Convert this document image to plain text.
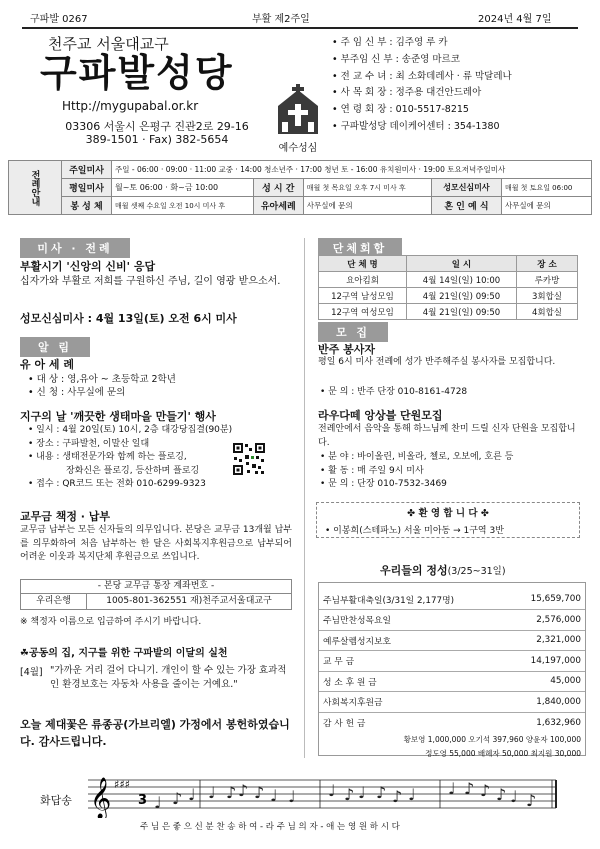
구파발 0267	부활 제2주일	2024년 4월 7일
천주교 서울대교구
구파발성당
Http://mygupabal.or.kr
03306 서울시 은평구 진관2로 29-16
389-1501 · Fax) 382-5654
예수성심
• 주 임 신 부 : 김주영 루 카
• 부주임 신 부 : 송준영 마르코
• 전 교 수 녀 : 최 소화데레사 · 류 막달레나
• 사 목 회 장 : 정주용 대건안드레아
• 연 령 회 장 : 010-5517-8215
• 구파발성당 데이케어센터 : 354-1380
전례안내	주일미사	주일 - 06:00 · 09:00 · 11:00 교중 · 14:00 청소년주 · 17:00 청년 토 - 16:00 유치원미사 · 19:00 토요저녁주일미사				
	평일미사	월~토 06:00 · 화~금 10:00	성 시 간	매월 첫 목요일 오후 7시 미사 후	성모신심미사	매월 첫 토요일 06:00
	봉 성 체	매월 셋째 수요일 오전 10시 미사 후	유아세례	사무실에 문의	혼 인 예 식	사무실에 문의
미사 · 전례
부활시기 '신앙의 신비' 응답
십자가와 부활로 저희를 구원하신 주님, 길이 영광 받으소서.
성모신심미사 : 4월 13일(토) 오전 6시 미사
알 림
유 아 세 례
• 대 상 : 영,유아 ~ 초등학교 2학년
• 신 청 : 사무실에 문의
지구의 날 '깨끗한 생태마을 만들기' 행사
• 일시 : 4월 20일(토) 10시, 2층 대강당집결(90분)
• 장소 : 구파발천, 이말산 일대
• 내용 : 생태전문가와 함께 하는 플로깅,
장화신은 플로깅, 등산하며 플로깅
• 접수 : QR코드 또는 전화 010-6299-9323
교무금 책정 · 납부
교무금 납부는 모든 신자들의 의무입니다. 본당은 교무금 13개월 납부를 의무화하여 처음 납부하는 한 달은 사회복지후원금으로 납부되어 어려운 이웃과 복지단체 후원금으로 쓰입니다.
- 본당 교무금 통장 계좌번호 -
우리은행	1005-801-362551 재)천주교서울대교구
※ 책정자 이름으로 입금하여 주시기 바랍니다.
☘공동의 집, 지구를 위한 구파발의 이달의 실천
[4월] "가까운 거리 걸어 다니기. 개인이 할 수 있는 가장 효과적인 환경보호는 자동차 사용을 줄이는 거예요."
오늘 제대꽃은 류종공(가브리엘) 가정에서 봉헌하였습니다. 감사드립니다.
단체회합
단 체 명	일 시	장 소
요아킴회	4월 14일(일) 10:00	루카방
12구역 남성모임	4월 21일(일) 09:50	3회합실
12구역 여성모임	4월 21일(일) 09:50	4회합실
모 집
반주 봉사자
평일 6시 미사 전례에 성가 반주해주실 봉사자를 모집합니다.
• 문 의 : 반주 단장 010-8161-4728
라우다떼 앙상블 단원모집
전례안에서 음악을 통해 하느님께 찬미 드릴 신자 단원을 모집합니다.
• 분 야 : 바이올린, 비올라, 첼로, 오보에, 호른 등
• 활 동 : 매 주일 9시 미사
• 문 의 : 단장 010-7532-3469
✤ 환 영 합 니 다 ✤
• 이봉희(스테파노) 서울 미아동 → 1구역 3반
우리들의 정성(3/25~31일)
주님부활대축일(3/31일 2,177명)	15,659,700
주님만찬성목요일	2,576,000
예루살렘성지보호	2,321,000
교 무 금	14,197,000
성 소 후 원 금	45,000
사회복지후원금	1,840,000
감 사 헌 금	1,632,960
황보영 1,000,000 오기석 397,960 양윤자 100,000
정도영 55,000 배혜자 50,000 최지원 30,000
화답송 𝄞 ♯♯♯
3 ♩ ♪ ♩ ♩ ♪ ♪ ♪ ♩ ♩ ♩ ♪ ♩ ♪ ♪ ♩ ♩ ♪ ♪ ♪ ♩ ♪
주 님 은 좋 으 신 분 찬 송 하 여 - 라 주 님 의 자 - 애 는 영 원 하 시 다
